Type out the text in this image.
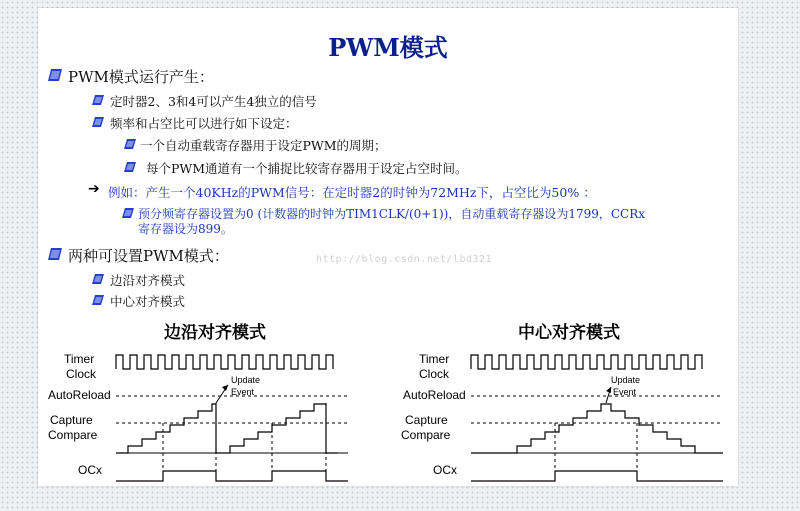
PWM模式
PWM模式运行产生：
定时器2、3和4可以产生4独立的信号
频率和占空比可以进行如下设定：
一个自动重载寄存器用于设定PWM的周期；
每个PWM通道有一个捕捉比较寄存器用于设定占空时间。
➔ 例如：产生一个40KHz的PWM信号：在定时器2的时钟为72MHz下，占空比为50% ：
预分频寄存器设置为0 (计数器的时钟为TIM1CLK/(0+1))，自动重载寄存器设为1799，CCRx
寄存器设为899。
两种可设置PWM模式：	http://blog.csdn.net/lbd321
边沿对齐模式
中心对齐模式
边沿对齐模式	中心对齐模式
Timer
Clock
AutoReload
Capture
Compare
OCx
Update
Event
Timer
Clock
AutoReload
Capture
Compare
OCx
Update
Event
